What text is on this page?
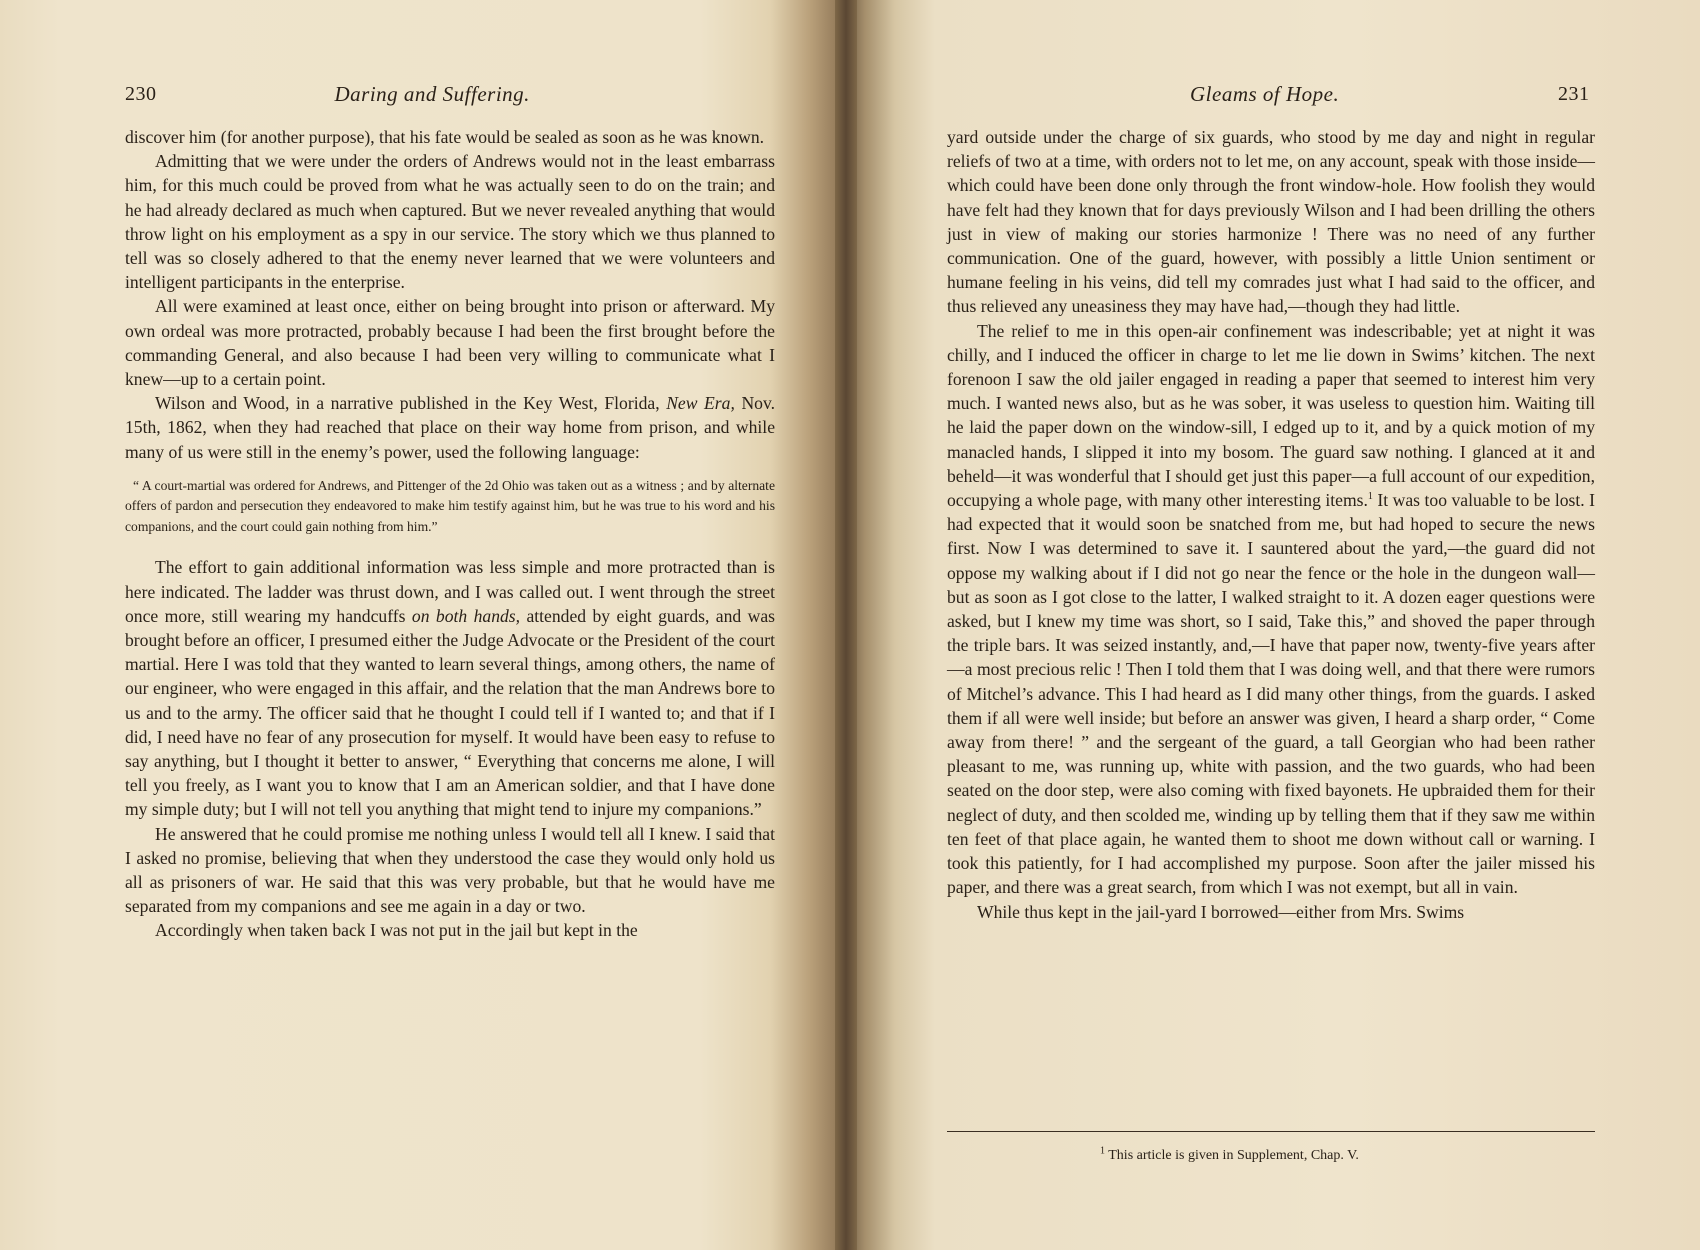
230	Daring and Suffering.

discover him (for another purpose), that his fate would be sealed as soon as he was known.

Admitting that we were under the orders of Andrews would not in the least embarrass him, for this much could be proved from what he was actually seen to do on the train; and he had already declared as much when captured. But we never revealed anything that would throw light on his employment as a spy in our service. The story which we thus planned to tell was so closely adhered to that the enemy never learned that we were volunteers and intelligent participants in the enterprise.

All were examined at least once, either on being brought into prison or afterward. My own ordeal was more protracted, probably because I had been the first brought before the commanding General, and also because I had been very willing to communicate what I knew—up to a certain point.

Wilson and Wood, in a narrative published in the Key West, Florida, New Era, Nov. 15th, 1862, when they had reached that place on their way home from prison, and while many of us were still in the enemy’s power, used the following language:

“ A court-martial was ordered for Andrews, and Pittenger of the 2d Ohio was taken out as a witness ; and by alternate offers of pardon and persecution they endeavored to make him testify against him, but he was true to his word and his companions, and the court could gain nothing from him.”

The effort to gain additional information was less simple and more protracted than is here indicated. The ladder was thrust down, and I was called out. I went through the street once more, still wearing my handcuffs on both hands, attended by eight guards, and was brought before an officer, I presumed either the Judge Advocate or the President of the court martial. Here I was told that they wanted to learn several things, among others, the name of our engineer, who were engaged in this affair, and the relation that the man Andrews bore to us and to the army. The officer said that he thought I could tell if I wanted to; and that if I did, I need have no fear of any prosecution for myself. It would have been easy to refuse to say anything, but I thought it better to answer, “ Everything that concerns me alone, I will tell you freely, as I want you to know that I am an American soldier, and that I have done my simple duty; but I will not tell you anything that might tend to injure my companions.”

He answered that he could promise me nothing unless I would tell all I knew. I said that I asked no promise, believing that when they understood the case they would only hold us all as prisoners of war. He said that this was very probable, but that he would have me separated from my companions and see me again in a day or two.

Accordingly when taken back I was not put in the jail but kept in the

Gleams of Hope.	231

yard outside under the charge of six guards, who stood by me day and night in regular reliefs of two at a time, with orders not to let me, on any account, speak with those inside—which could have been done only through the front window-hole. How foolish they would have felt had they known that for days previously Wilson and I had been drilling the others just in view of making our stories harmonize ! There was no need of any further communication. One of the guard, however, with possibly a little Union sentiment or humane feeling in his veins, did tell my comrades just what I had said to the officer, and thus relieved any uneasiness they may have had,—though they had little.

The relief to me in this open-air confinement was indescribable; yet at night it was chilly, and I induced the officer in charge to let me lie down in Swims’ kitchen. The next forenoon I saw the old jailer engaged in reading a paper that seemed to interest him very much. I wanted news also, but as he was sober, it was useless to question him. Waiting till he laid the paper down on the window-sill, I edged up to it, and by a quick motion of my manacled hands, I slipped it into my bosom. The guard saw nothing. I glanced at it and beheld—it was wonderful that I should get just this paper—a full account of our expedition, occupying a whole page, with many other interesting items.$^1$ It was too valuable to be lost. I had expected that it would soon be snatched from me, but had hoped to secure the news first. Now I was determined to save it. I sauntered about the yard,—the guard did not oppose my walking about if I did not go near the fence or the hole in the dungeon wall—but as soon as I got close to the latter, I walked straight to it. A dozen eager questions were asked, but I knew my time was short, so I said, Take this,” and shoved the paper through the triple bars. It was seized instantly, and,—I have that paper now, twenty-five years after—a most precious relic ! Then I told them that I was doing well, and that there were rumors of Mitchel’s advance. This I had heard as I did many other things, from the guards. I asked them if all were well inside; but before an answer was given, I heard a sharp order, “ Come away from there! ” and the sergeant of the guard, a tall Georgian who had been rather pleasant to me, was running up, white with passion, and the two guards, who had been seated on the door step, were also coming with fixed bayonets. He upbraided them for their neglect of duty, and then scolded me, winding up by telling them that if they saw me within ten feet of that place again, he wanted them to shoot me down without call or warning. I took this patiently, for I had accomplished my purpose. Soon after the jailer missed his paper, and there was a great search, from which I was not exempt, but all in vain.

While thus kept in the jail-yard I borrowed—either from Mrs. Swims

$^1$ This article is given in Supplement, Chap. V.
